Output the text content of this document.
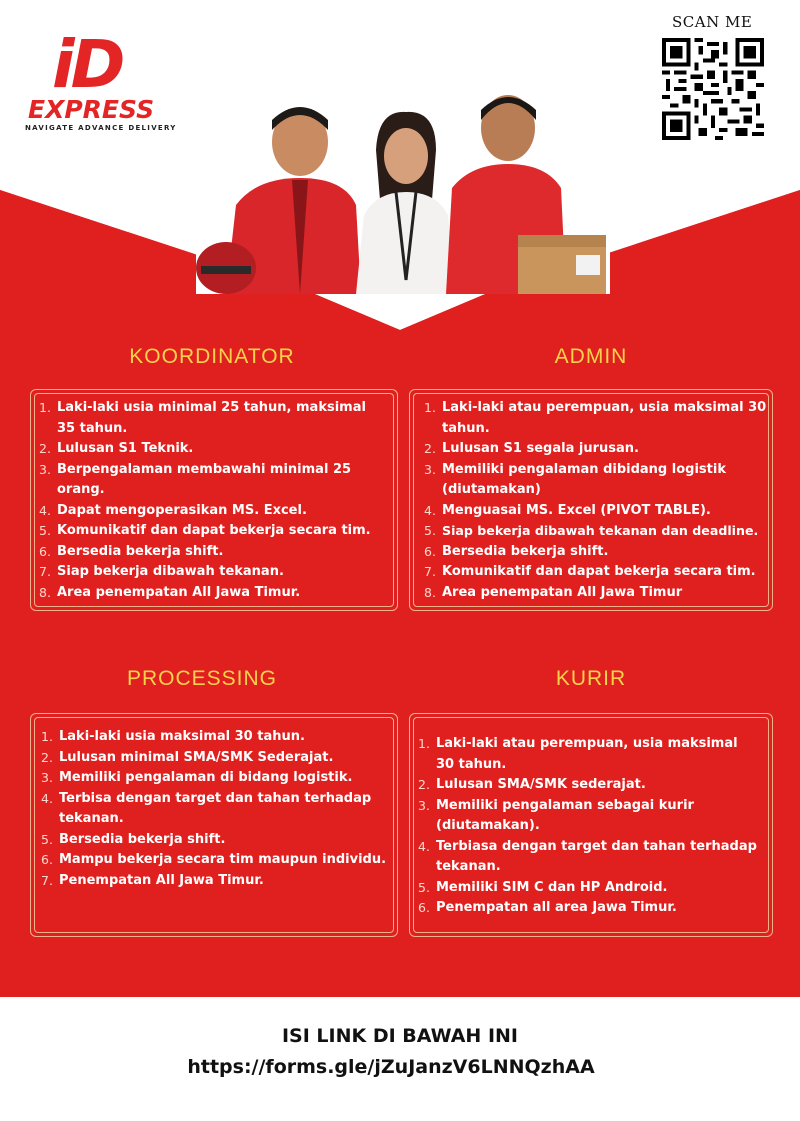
iD
EXPRESS
NAVIGATE ADVANCE DELIVERY
SCAN ME
KOORDINATOR
1. Laki-laki usia minimal 25 tahun, maksimal 35 tahun.
2. Lulusan S1 Teknik.
3. Berpengalaman membawahi minimal 25 orang.
4. Dapat mengoperasikan MS. Excel.
5. Komunikatif dan dapat bekerja secara tim.
6. Bersedia bekerja shift.
7. Siap bekerja dibawah tekanan.
8. Area penempatan All Jawa Timur.
ADMIN
1. Laki-laki atau perempuan, usia maksimal 30 tahun.
2. Lulusan S1 segala jurusan.
3. Memiliki pengalaman dibidang logistik (diutamakan)
4. Menguasai MS. Excel (PIVOT TABLE).
5. Siap bekerja dibawah tekanan dan deadline.
6. Bersedia bekerja shift.
7. Komunikatif dan dapat bekerja secara tim.
8. Area penempatan All Jawa Timur
PROCESSING
1. Laki-laki usia maksimal 30 tahun.
2. Lulusan minimal SMA/SMK Sederajat.
3. Memiliki pengalaman di bidang logistik.
4. Terbisa dengan target dan tahan terhadap tekanan.
5. Bersedia bekerja shift.
6. Mampu bekerja secara tim maupun individu.
7. Penempatan All Jawa Timur.
KURIR
1. Laki-laki atau perempuan, usia maksimal 30 tahun.
2. Lulusan SMA/SMK sederajat.
3. Memiliki pengalaman sebagai kurir (diutamakan).
4. Terbiasa dengan target dan tahan terhadap tekanan.
5. Memiliki SIM C dan HP Android.
6. Penempatan all area Jawa Timur.
ISI LINK DI BAWAH INI
https://forms.gle/jZuJanzV6LNNQzhAA
